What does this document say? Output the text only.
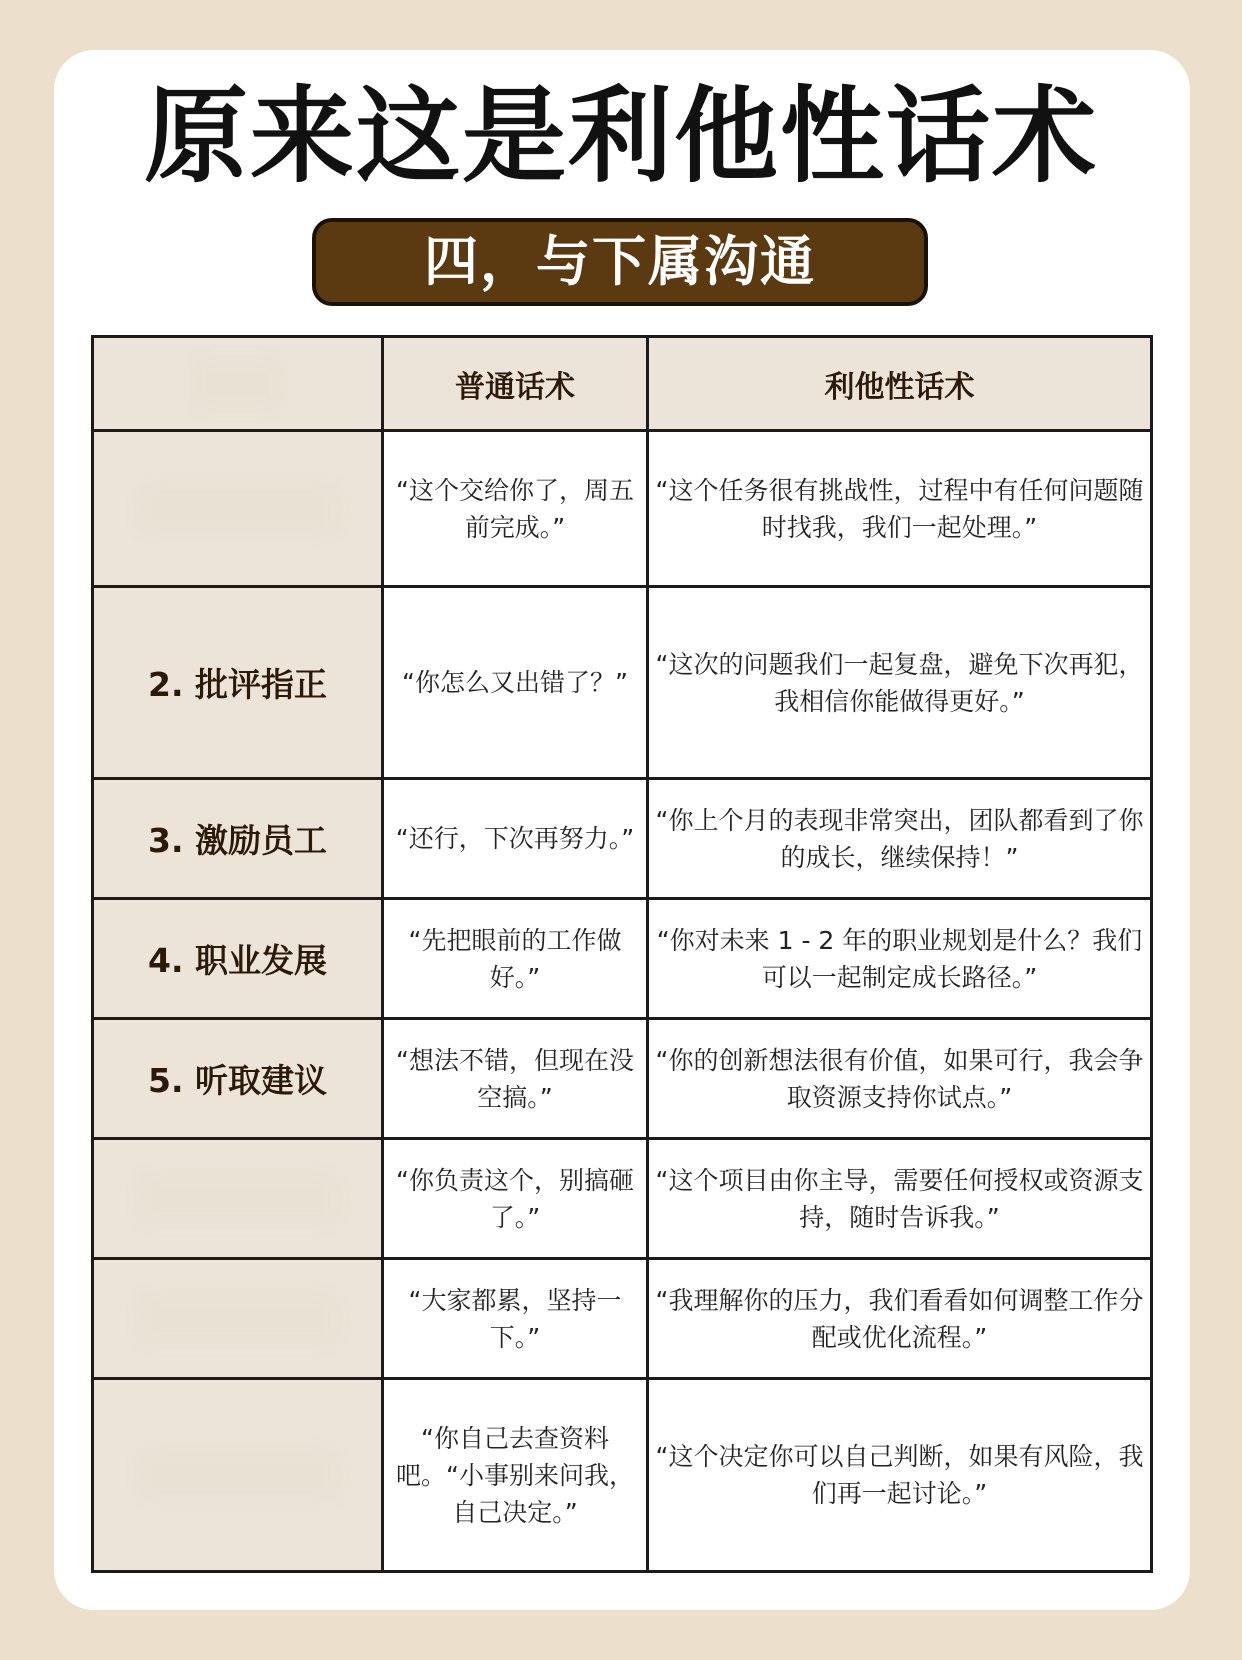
原来这是利他性话术
四，与下属沟通
	普通话术	利他性话术

	“这个交给你了，周五前完成。”	“这个任务很有挑战性，过程中有任何问题随时找我，我们一起处理。”
2. 批评指正	“你怎么又出错了？”	“这次的问题我们一起复盘，避免下次再犯，我相信你能做得更好。”
3. 激励员工	“还行，下次再努力。”	“你上个月的表现非常突出，团队都看到了你的成长，继续保持！”
4. 职业发展	“先把眼前的工作做好。”	“你对未来 1 - 2 年的职业规划是什么？我们可以一起制定成长路径。”
5. 听取建议	“想法不错，但现在没空搞。”	“你的创新想法很有价值，如果可行，我会争取资源支持你试点。”

	“你负责这个，别搞砸了。”	“这个项目由你主导，需要任何授权或资源支持，随时告诉我。”

	“大家都累，坚持一下。”	“我理解你的压力，我们看看如何调整工作分配或优化流程。”

	“你自己去查资料吧。“小事别来问我，自己决定。”	“这个决定你可以自己判断，如果有风险，我们再一起讨论。”
